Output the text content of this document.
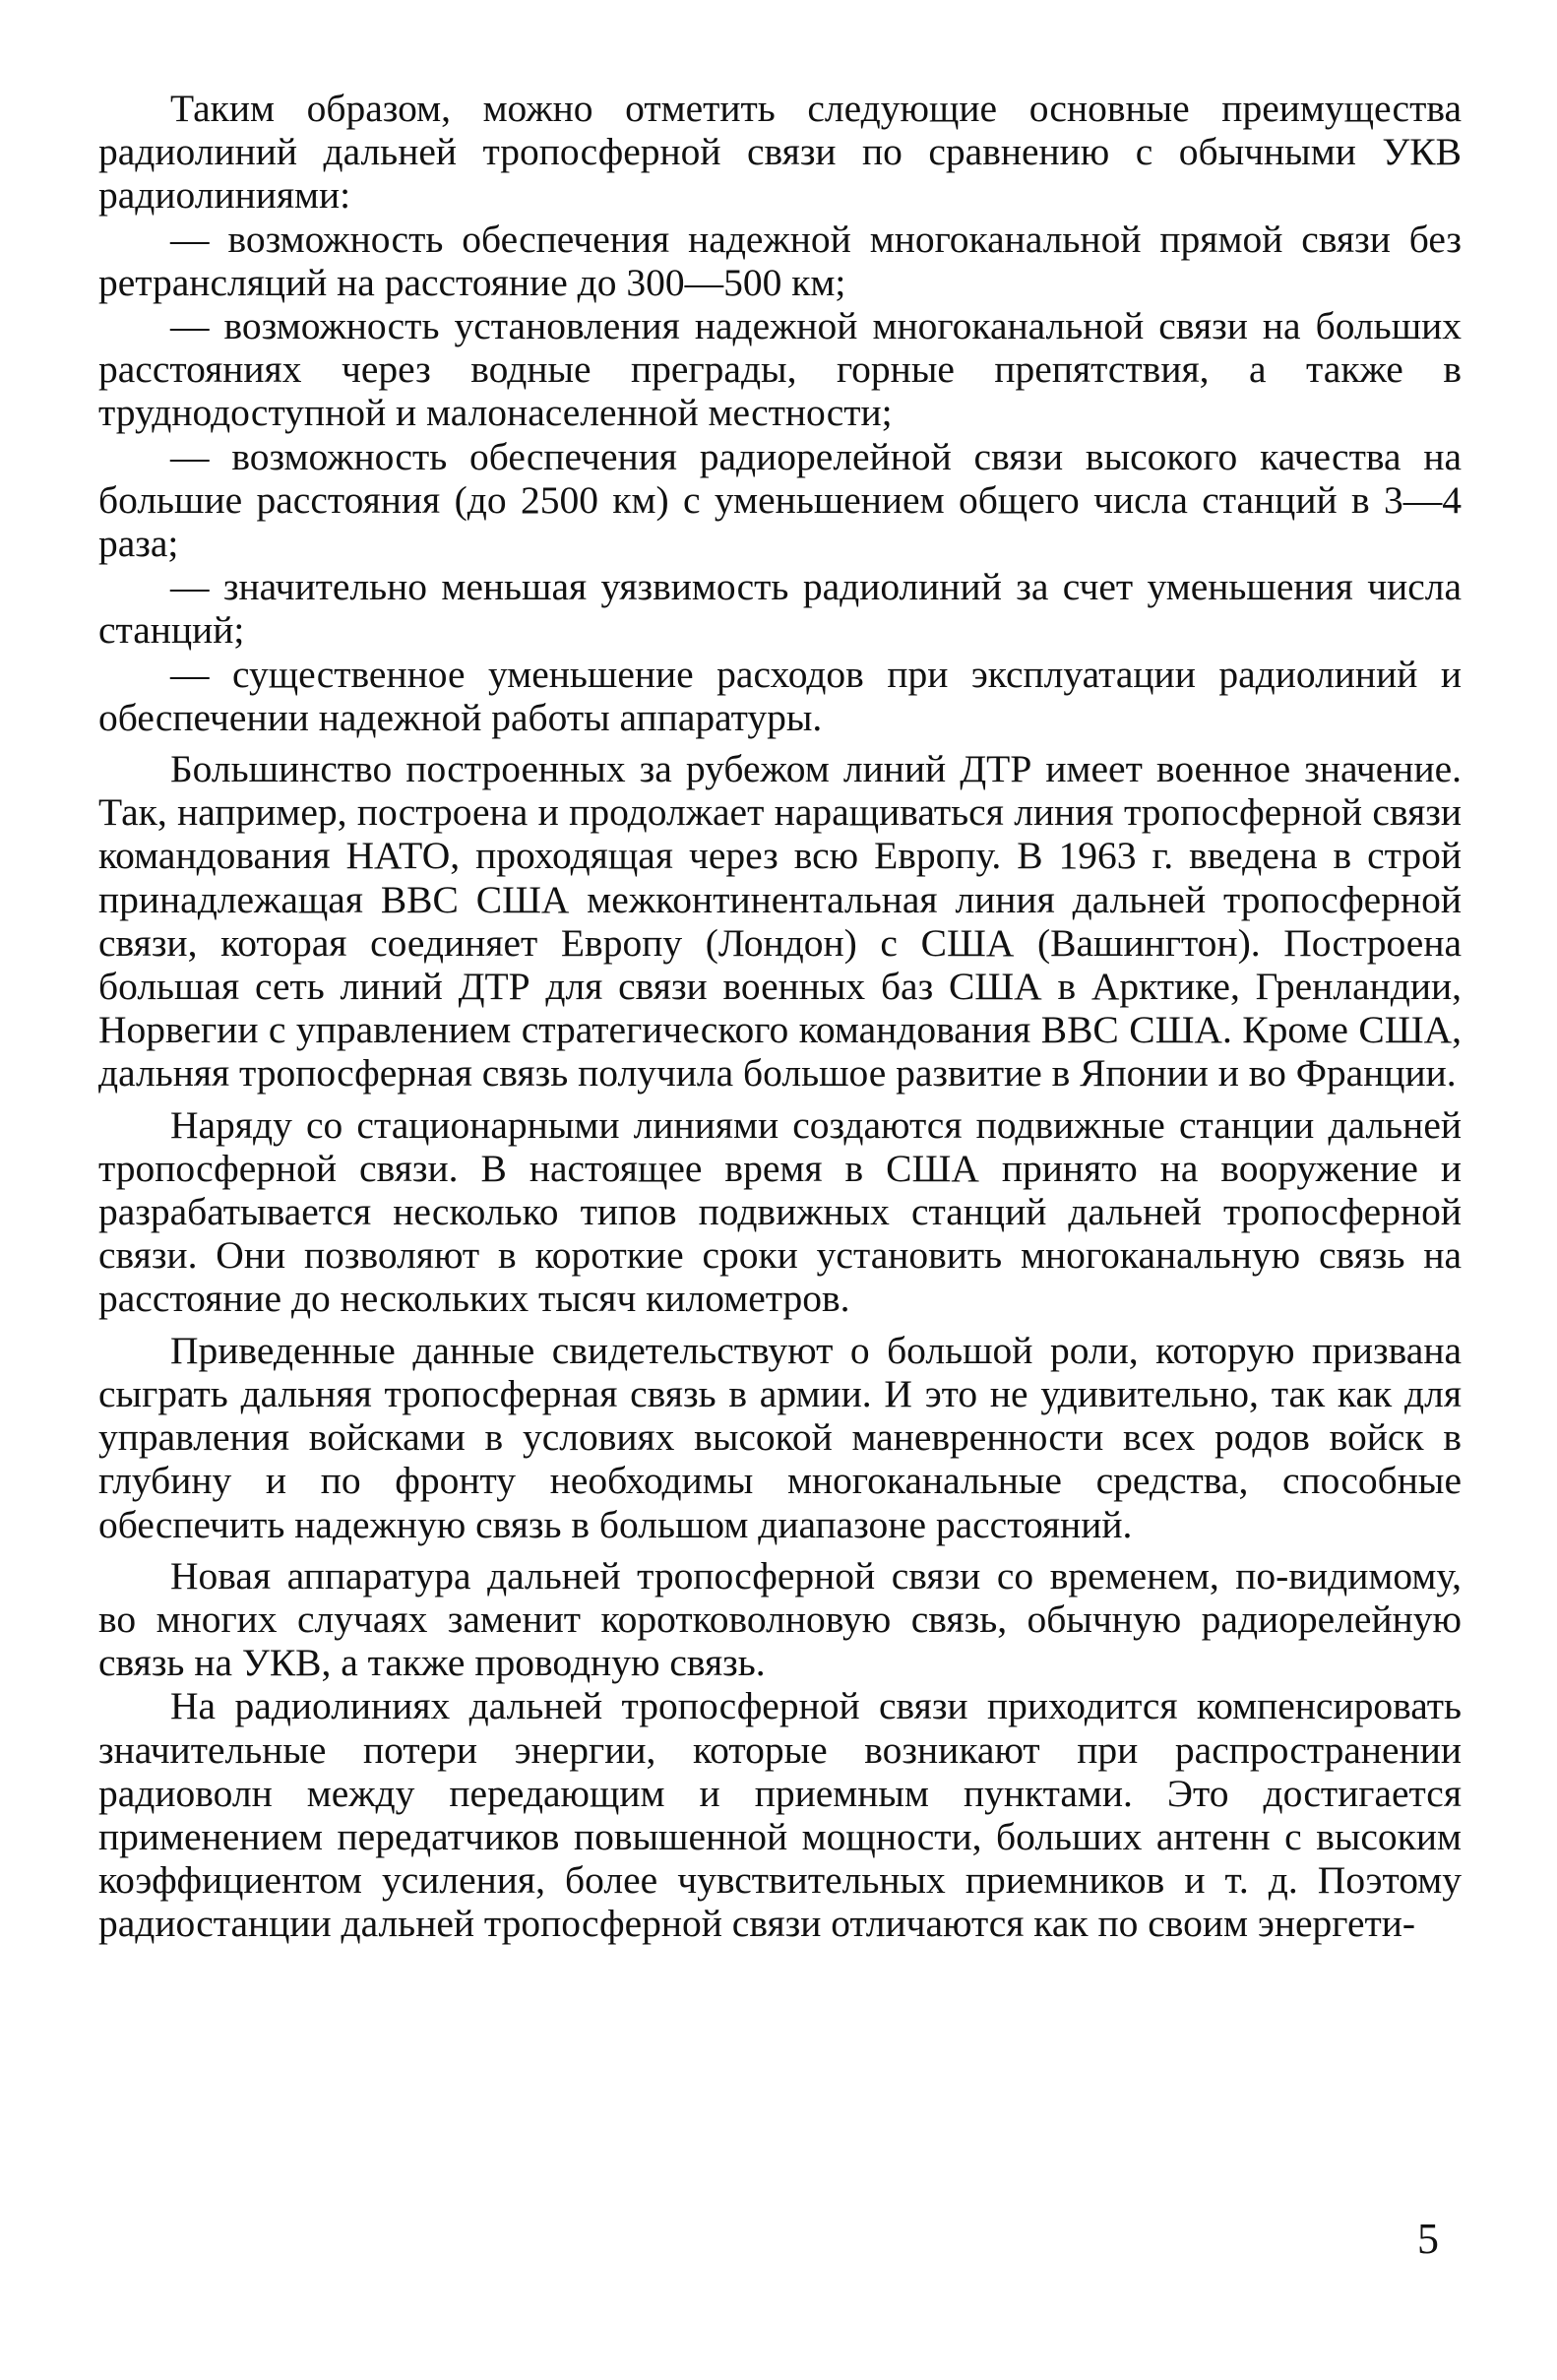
Таким образом, можно отметить следующие основные преимущества радиолиний дальней тропосферной связи по сравнению с обычными УКВ радиолиниями:

— возможность обеспечения надежной многоканальной прямой связи без ретрансляций на расстояние до 300—500 км;

— возможность установления надежной многоканальной связи на больших расстояниях через водные преграды, горные препятствия, а также в труднодоступной и малонаселенной местности;

— возможность обеспечения радиорелейной связи высокого качества на большие расстояния (до 2500 км) с уменьшением общего числа станций в 3—4 раза;

— значительно меньшая уязвимость радиолиний за счет уменьшения числа станций;

— существенное уменьшение расходов при эксплуатации радиолиний и обеспечении надежной работы аппаратуры.

Большинство построенных за рубежом линий ДТР имеет военное значение. Так, например, построена и продолжает наращиваться линия тропосферной связи командования НАТО, проходящая через всю Европу. В 1963 г. введена в строй принадлежащая ВВС США межконтинентальная линия дальней тропосферной связи, которая соединяет Европу (Лондон) с США (Вашингтон). Построена большая сеть линий ДТР для связи военных баз США в Арктике, Гренландии, Норвегии с управлением стратегического командования ВВС США. Кроме США, дальняя тропосферная связь получила большое развитие в Японии и во Франции.

Наряду со стационарными линиями создаются подвижные станции дальней тропосферной связи. В настоящее время в США принято на вооружение и разрабатывается несколько типов подвижных станций дальней тропосферной связи. Они позволяют в короткие сроки установить многоканальную связь на расстояние до нескольких тысяч километров.

Приведенные данные свидетельствуют о большой роли, которую призвана сыграть дальняя тропосферная связь в армии. И это не удивительно, так как для управления войсками в условиях высокой маневренности всех родов войск в глубину и по фронту необходимы многоканальные средства, способные обеспечить надежную связь в большом диапазоне расстояний.

Новая аппаратура дальней тропосферной связи со временем, по-видимому, во многих случаях заменит коротковолновую связь, обычную радиорелейную связь на УКВ, а также проводную связь.

На радиолиниях дальней тропосферной связи приходится компенсировать значительные потери энергии, которые возникают при распространении радиоволн между передающим и приемным пунктами. Это достигается применением передатчиков повышенной мощности, больших антенн с высоким коэффициентом усиления, более чувствительных приемников и т. д. Поэтому радиостанции дальней тропосферной связи отличаются как по своим энергети-

5
